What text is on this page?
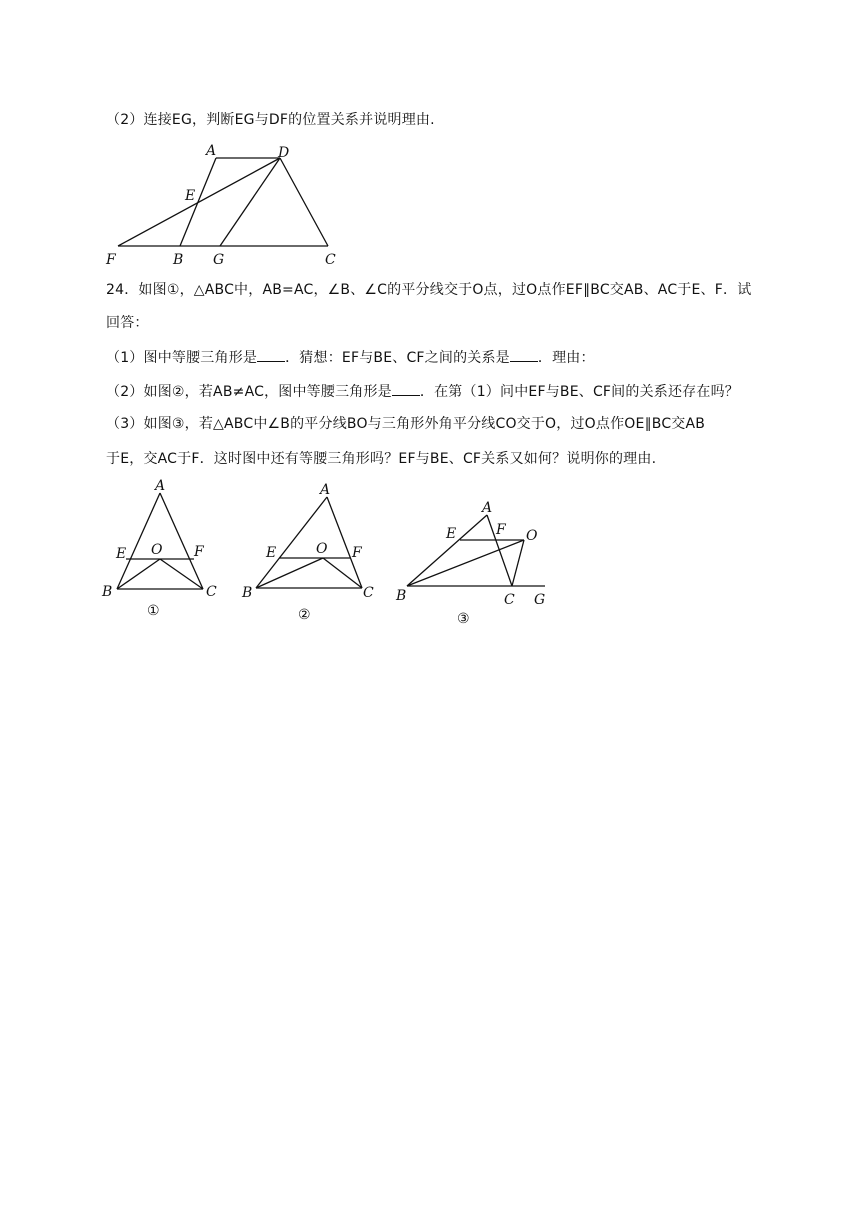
（2）连接EG，判断EG与DF的位置关系并说明理由.
A	D
E
F	B G	C
24．如图①，△ABC中，AB=AC，∠B、∠C的平分线交于O点，过O点作EF∥BC交AB、AC于E、F．试
回答：
（1）图中等腰三角形是 ．猜想：EF与BE、CF之间的关系是 ．理由：
（2）如图②，若AB≠AC，图中等腰三角形是 ．在第（1）问中EF与BE、CF间的关系还存在吗？
（3）如图③，若△ABC中∠B的平分线BO与三角形外角平分线CO交于O，过O点作OE∥BC交AB
于E，交AC于F．这时图中还有等腰三角形吗？EF与BE、CF关系又如何？说明你的理由.
A
E O F
B	C
①
A
E	O F
B	C
②
A
E	F O
B	C G
③
